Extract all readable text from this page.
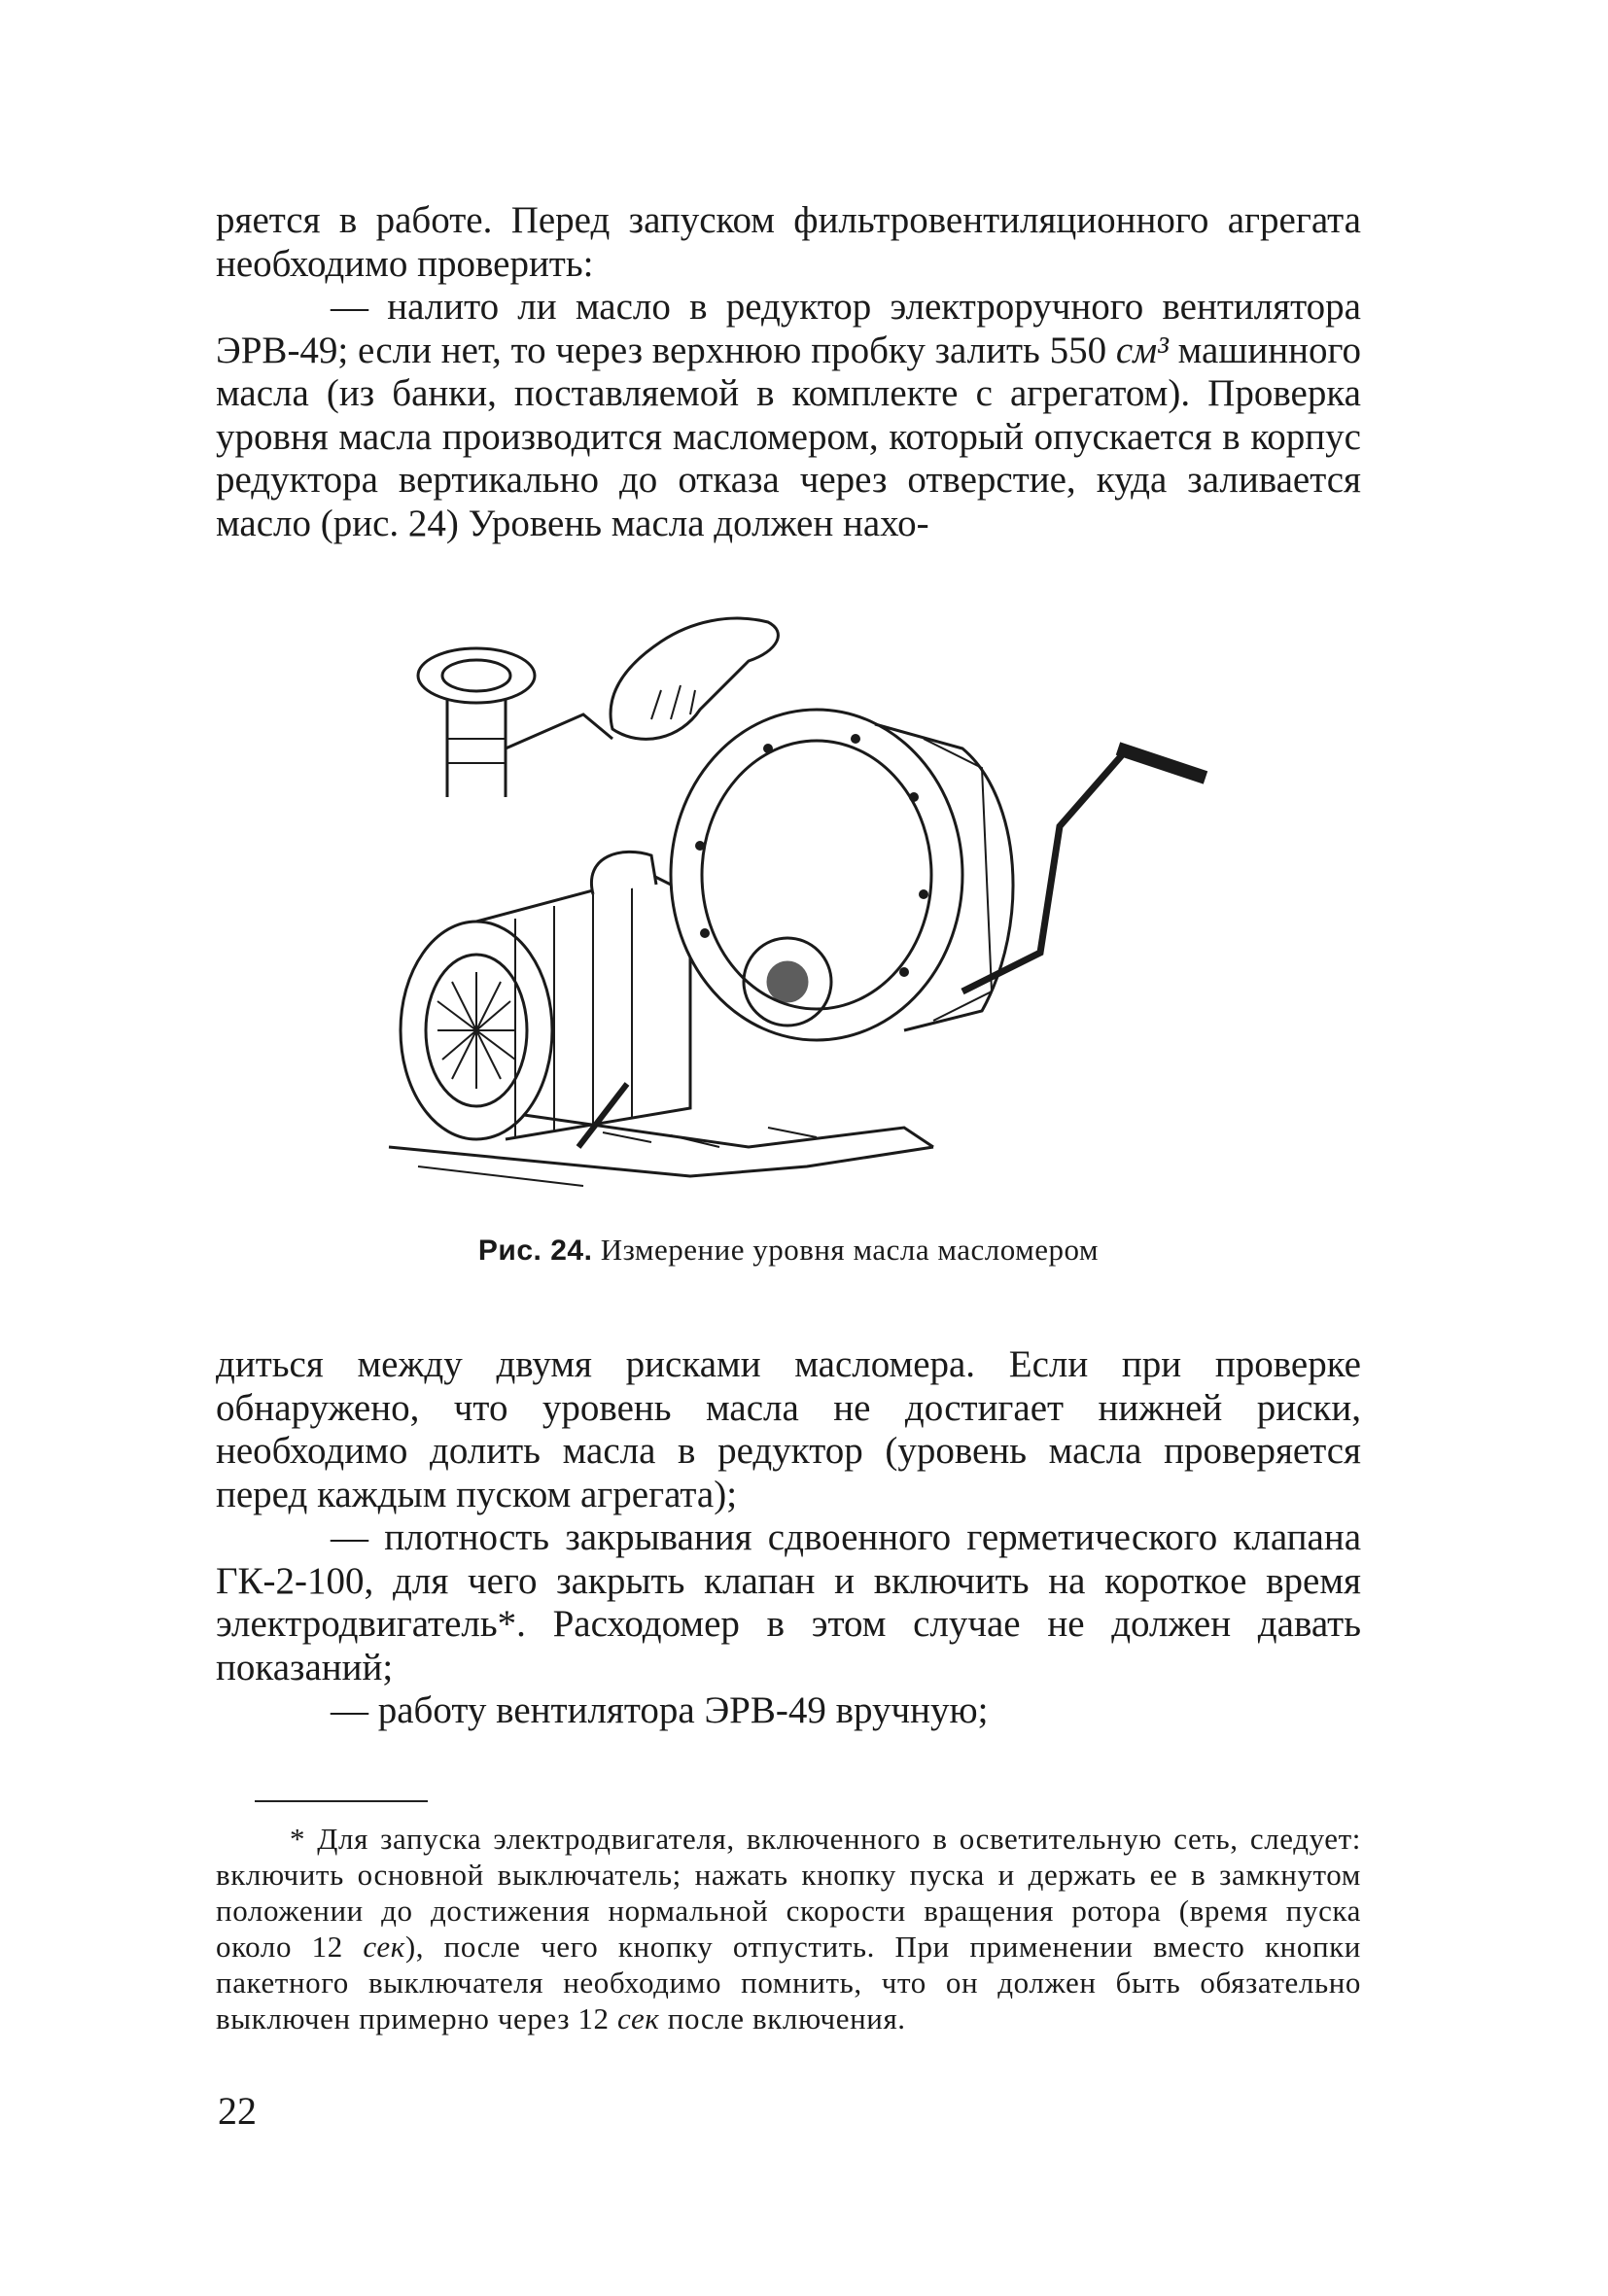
ряется в работе. Перед запуском фильтровентиляционного агрегата необходимо проверить:
— налито ли масло в редуктор электроручного вентилятора ЭРВ-49; если нет, то через верхнюю пробку залить 550 см³ машинного масла (из банки, поставляемой в комплекте с агрегатом). Проверка уровня масла производится масломером, который опускается в корпус редуктора вертикально до отказа через отверстие, куда заливается масло (рис. 24) Уровень масла должен нахо-
Рис. 24. Измерение уровня масла масломером
диться между двумя рисками масломера. Если при проверке обнаружено, что уровень масла не достигает нижней риски, необходимо долить масла в редуктор (уровень масла проверяется перед каждым пуском агрегата);
— плотность закрывания сдвоенного герметического клапана ГК-2-100, для чего закрыть клапан и включить на короткое время электродвигатель*. Расходомер в этом случае не должен давать показаний;
— работу вентилятора ЭРВ-49 вручную;

* Для запуска электродвигателя, включенного в осветительную сеть, следует: включить основной выключатель; нажать кнопку пуска и держать ее в замкнутом положении до достижения нормальной скорости вращения ротора (время пуска около 12 сек), после чего кнопку отпустить. При применении вместо кнопки пакетного выключателя необходимо помнить, что он должен быть обязательно выключен примерно через 12 сек после включения.

22
